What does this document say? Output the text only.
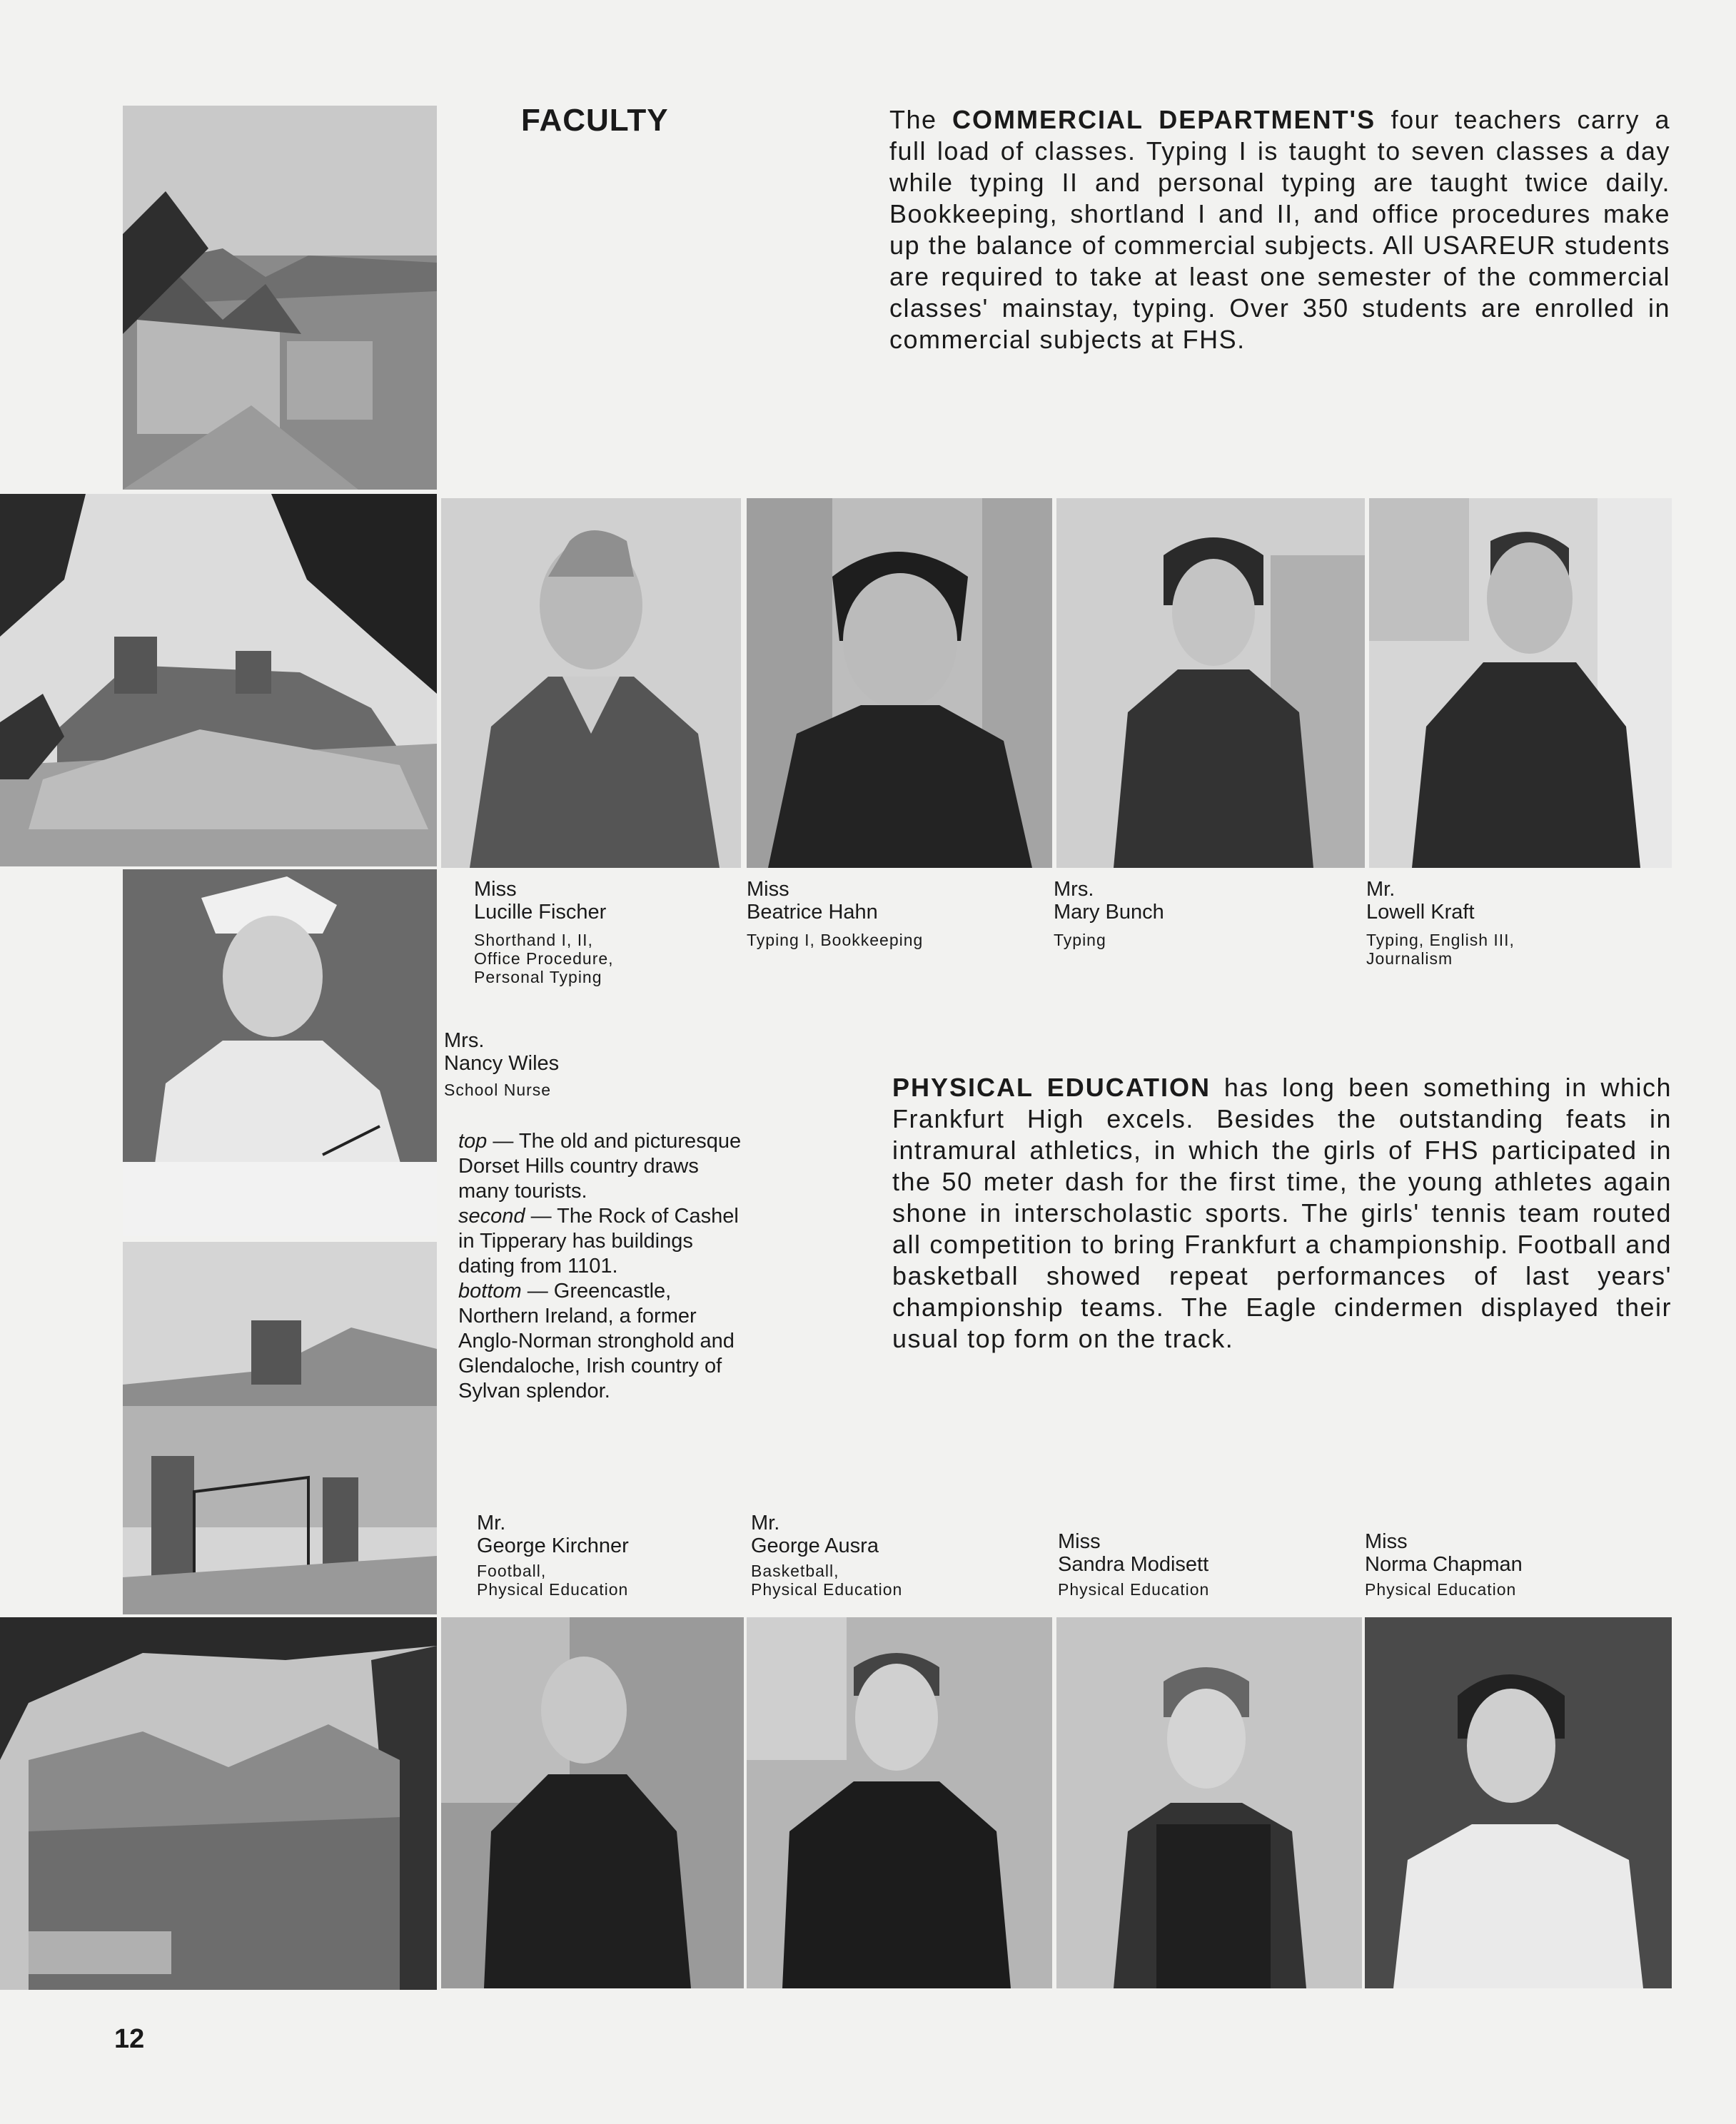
FACULTY	The COMMERCIAL DEPARTMENT'S four teachers carry a full load of classes. Typing I is taught to seven classes a day while typing II and personal typing are taught twice daily. Bookkeeping, shortland I and II, and office procedures make up the balance of commercial subjects. All USAREUR students are required to take at least one semester of the commercial classes' mainstay, typing. Over 350 students are enrolled in commercial subjects at FHS.

Miss
Lucille Fischer
Shorthand I, II,
Office Procedure,
Personal Typing
Miss
Beatrice Hahn
Typing I, Bookkeeping
Mrs.
Mary Bunch
Typing
Mr.
Lowell Kraft
Typing, English III,
Journalism
Mrs.
Nancy Wiles
School Nurse
top — The old and picturesque Dorset Hills country draws many tourists.
second — The Rock of Cashel in Tipperary has buildings dating from 1101.
bottom — Greencastle, Northern Ireland, a former Anglo-Norman stronghold and Glendaloche, Irish country of Sylvan splendor.

PHYSICAL EDUCATION has long been something in which Frankfurt High excels. Besides the outstanding feats in intramural athletics, in which the girls of FHS participated in the 50 meter dash for the first time, the young athletes again shone in interscholastic sports. The girls' tennis team routed all competition to bring Frankfurt a championship. Football and basketball showed repeat performances of last years' championship teams. The Eagle cindermen displayed their usual top form on the track.

Mr.
George Kirchner
Football,
Physical Education
Mr.
George Ausra
Basketball,
Physical Education
Miss
Sandra Modisett
Physical Education
Miss
Norma Chapman
Physical Education
12
